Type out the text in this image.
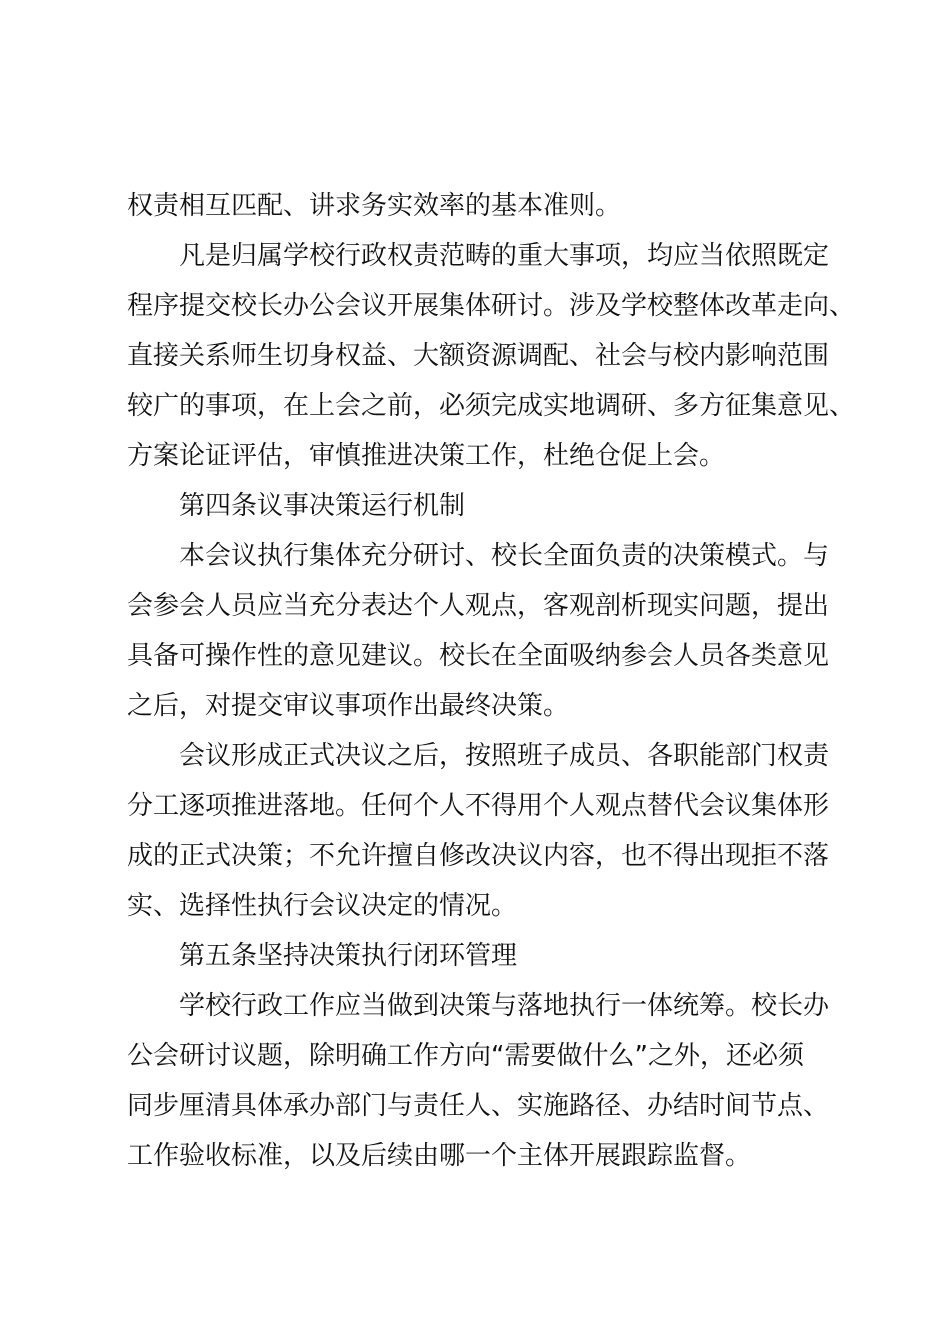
权责相互匹配、讲求务实效率的基本准则。

凡是归属学校行政权责范畴的重大事项，均应当依照既定
程序提交校长办公会议开展集体研讨。涉及学校整体改革走向、
直接关系师生切身权益、大额资源调配、社会与校内影响范围
较广的事项，在上会之前，必须完成实地调研、多方征集意见、
方案论证评估，审慎推进决策工作，杜绝仓促上会。

第四条议事决策运行机制

本会议执行集体充分研讨、校长全面负责的决策模式。与
会参会人员应当充分表达个人观点，客观剖析现实问题，提出
具备可操作性的意见建议。校长在全面吸纳参会人员各类意见
之后，对提交审议事项作出最终决策。

会议形成正式决议之后，按照班子成员、各职能部门权责
分工逐项推进落地。任何个人不得用个人观点替代会议集体形
成的正式决策；不允许擅自修改决议内容，也不得出现拒不落
实、选择性执行会议决定的情况。

第五条坚持决策执行闭环管理

学校行政工作应当做到决策与落地执行一体统筹。校长办
公会研讨议题，除明确工作方向“需要做什么”之外，还必须
同步厘清具体承办部门与责任人、实施路径、办结时间节点、
工作验收标准，以及后续由哪一个主体开展跟踪监督。
